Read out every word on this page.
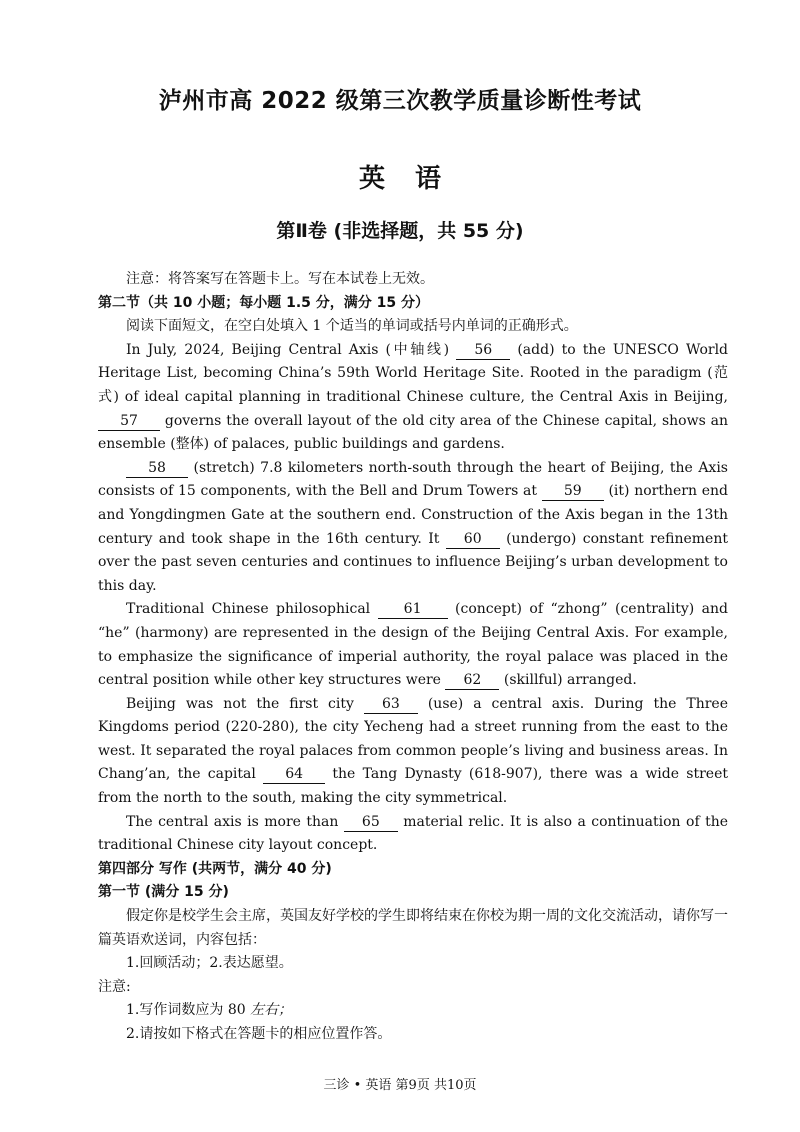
泸州市高 2022 级第三次教学质量诊断性考试
英 语
第Ⅱ卷 (非选择题，共 55 分)

注意：将答案写在答题卡上。写在本试卷上无效。

第二节（共 10 小题；每小题 1.5 分，满分 15 分）

阅读下面短文，在空白处填入 1 个适当的单词或括号内单词的正确形式。

In July, 2024, Beijing Central Axis (中轴线) 56 (add) to the UNESCO World Heritage List, becoming China’s 59th World Heritage Site. Rooted in the paradigm (范式) of ideal capital planning in traditional Chinese culture, the Central Axis in Beijing, 57 governs the overall layout of the old city area of the Chinese capital, shows an ensemble (整体) of palaces, public buildings and gardens.

58 (stretch) 7.8 kilometers north-south through the heart of Beijing, the Axis consists of 15 components, with the Bell and Drum Towers at 59 (it) northern end and Yongdingmen Gate at the southern end. Construction of the Axis began in the 13th century and took shape in the 16th century. It 60 (undergo) constant refinement over the past seven centuries and continues to influence Beijing’s urban development to this day.

Traditional Chinese philosophical 61 (concept) of “zhong” (centrality) and “he” (harmony) are represented in the design of the Beijing Central Axis. For example, to emphasize the significance of imperial authority, the royal palace was placed in the central position while other key structures were 62 (skillful) arranged.

Beijing was not the first city 63 (use) a central axis. During the Three Kingdoms period (220-280), the city Yecheng had a street running from the east to the west. It separated the royal palaces from common people’s living and business areas. In Chang’an, the capital 64 the Tang Dynasty (618-907), there was a wide street from the north to the south, making the city symmetrical.

The central axis is more than 65 material relic. It is also a continuation of the traditional Chinese city layout concept.

第四部分 写作 (共两节，满分 40 分)

第一节 (满分 15 分)

假定你是校学生会主席，英国友好学校的学生即将结束在你校为期一周的文化交流活动，请你写一篇英语欢送词，内容包括：

1.回顾活动；2.表达愿望。

注意:

1.写作词数应为 80 左右；

2.请按如下格式在答题卡的相应位置作答。

三诊 • 英语 第9页 共10页
